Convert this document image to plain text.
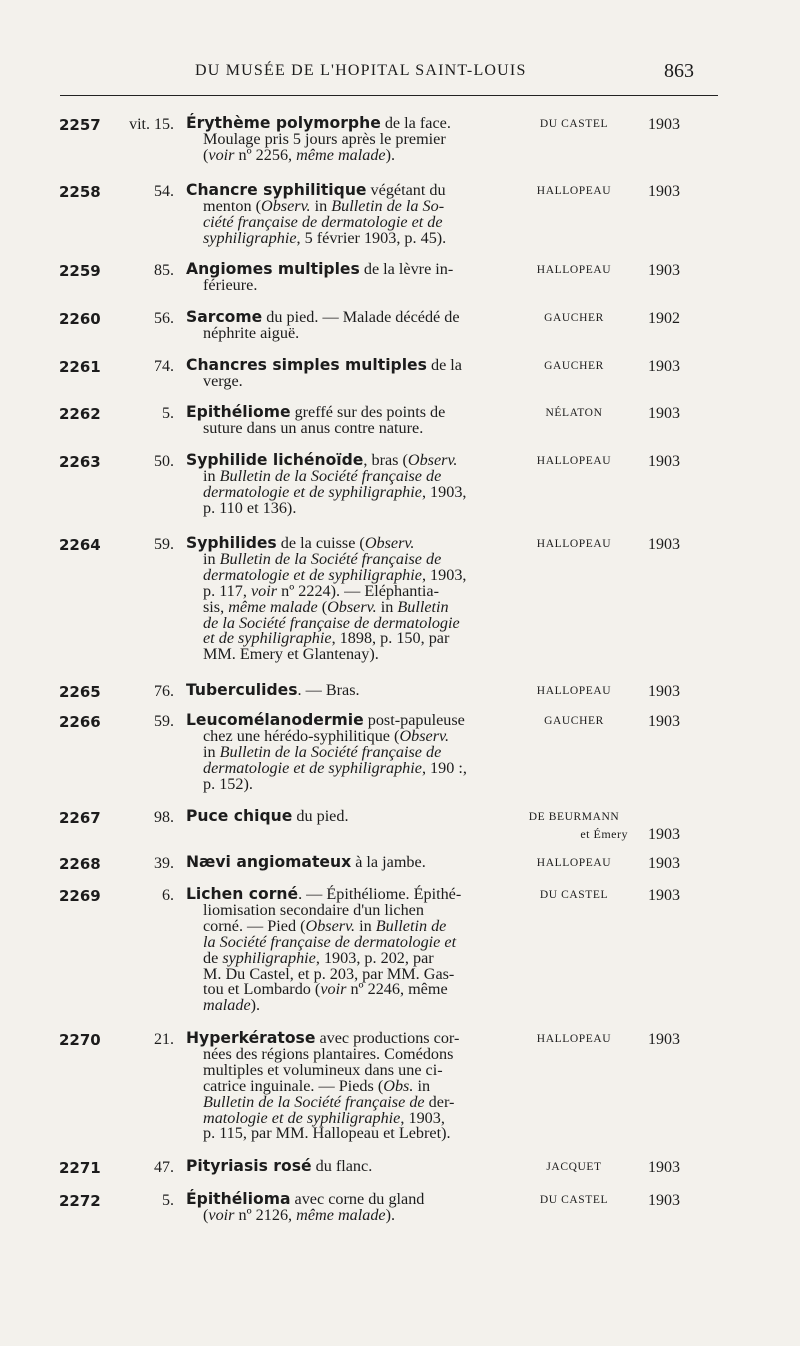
DU MUSÉE DE L'HOPITAL SAINT-LOUIS	863
2257	vit. 15. Érythème polymorphe de la face.
Moulage pris 5 jours après le premier
(voir nº 2256, même malade).
DU CASTEL	1903
2258	54. Chancre syphilitique végétant du
menton (Observ. in Bulletin de la So-
ciété française de dermatologie et de
syphiligraphie, 5 février 1903, p. 45).
HALLOPEAU	1903
2259	85. Angiomes multiples de la lèvre in-
férieure.
HALLOPEAU	1903
2260	56. Sarcome du pied. — Malade décédé de
néphrite aiguë.
GAUCHER	1902
2261	74. Chancres simples multiples de la
verge.
GAUCHER	1903
2262	5. Epithéliome greffé sur des points de
suture dans un anus contre nature.
NÉLATON	1903
2263	50. Syphilide lichénoïde, bras (Observ.
in Bulletin de la Société française de
dermatologie et de syphiligraphie, 1903,
p. 110 et 136).
HALLOPEAU	1903
2264	59. Syphilides de la cuisse (Observ.
in Bulletin de la Société française de
dermatologie et de syphiligraphie, 1903,
p. 117, voir nº 2224). — Eléphantia-
sis, même malade (Observ. in Bulletin
de la Société française de dermatologie
et de syphiligraphie, 1898, p. 150, par
MM. Emery et Glantenay).
HALLOPEAU	1903
2265	76. Tuberculides. — Bras.	HALLOPEAU	1903
2266	59. Leucomélanodermie post-papuleuse
chez une hérédo-syphilitique (Observ.
in Bulletin de la Société française de
dermatologie et de syphiligraphie, 190 :,
p. 152).
GAUCHER	1903
2267	98. Puce chique du pied.	DE BEURMANN
et Émery 1903
2268	39. Nævi angiomateux à la jambe.	HALLOPEAU	1903
2269	6. Lichen corné. — Épithéliome. Épithé-
liomisation secondaire d'un lichen
corné. — Pied (Observ. in Bulletin de
la Société française de dermatologie et
de syphiligraphie, 1903, p. 202, par
M. Du Castel, et p. 203, par MM. Gas-
tou et Lombardo (voir nº 2246, même
malade).
DU CASTEL	1903
2270	21. Hyperkératose avec productions cor-
nées des régions plantaires. Comédons
multiples et volumineux dans une ci-
catrice inguinale. — Pieds (Obs. in
Bulletin de la Société française de der-
matologie et de syphiligraphie, 1903,
p. 115, par MM. Hallopeau et Lebret).
HALLOPEAU	1903
2271	47. Pityriasis rosé du flanc.	JACQUET	1903
2272	5. Épithélioma avec corne du gland
(voir nº 2126, même malade).
DU CASTEL	1903
